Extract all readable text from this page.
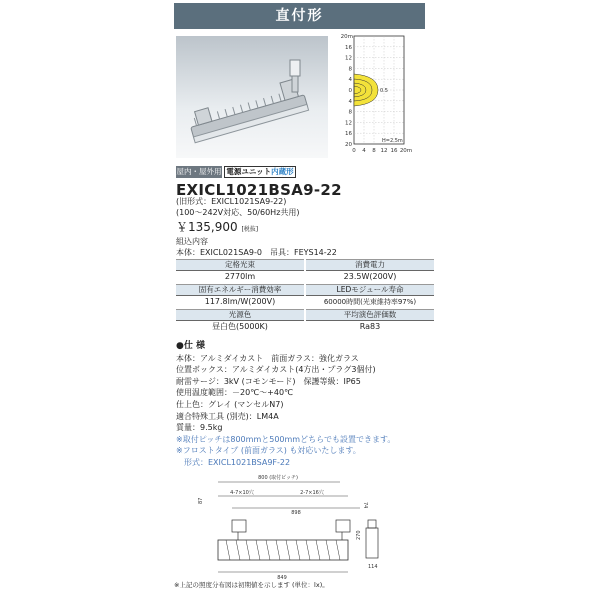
直付形
0.5
20m
16
12
8
4
0
4
8
12
16
20
H=2.5m
0 4 8 12 16 20m
屋内・屋外用 電源ユニット内蔵形
EXICL1021BSA9-22
(旧形式：EXICL1021SA9-22)
(100～242V対応、50/60Hz共用)
￥135,900 [税抜]
組込内容
本体：EXICL021SA9-0　吊具：FEYS14-22
定格光束
2770lm
消費電力
23.5W(200V)
固有エネルギー消費効率
117.8lm/W(200V)
LEDモジュール寿命
60000時間(光束維持率97%)
光源色
昼白色(5000K)
平均演色評価数
Ra83
●仕 様
本体：アルミダイカスト　前面ガラス：強化ガラス
位置ボックス：アルミダイカスト(4方出・プラグ3個付)
耐雷サージ：3kV (コモンモード)　保護等級：IP65
使用温度範囲：－20℃～+40℃
仕上色：グレイ (マンセルN7)
適合特殊工具 (別売)：LM4A
質量：9.5kg
※取付ピッチは800mmと500mmどちらでも設置できます。
※フロストタイプ (前面ガラス) も対応いたします。
　形式：EXICL1021BSA9F-22
800 (取付ピッチ)
4-7×10穴	2-7×16穴
898
87
74
849
270
114
※上記の照度分布図は初期値を示します (単位：lx)。
